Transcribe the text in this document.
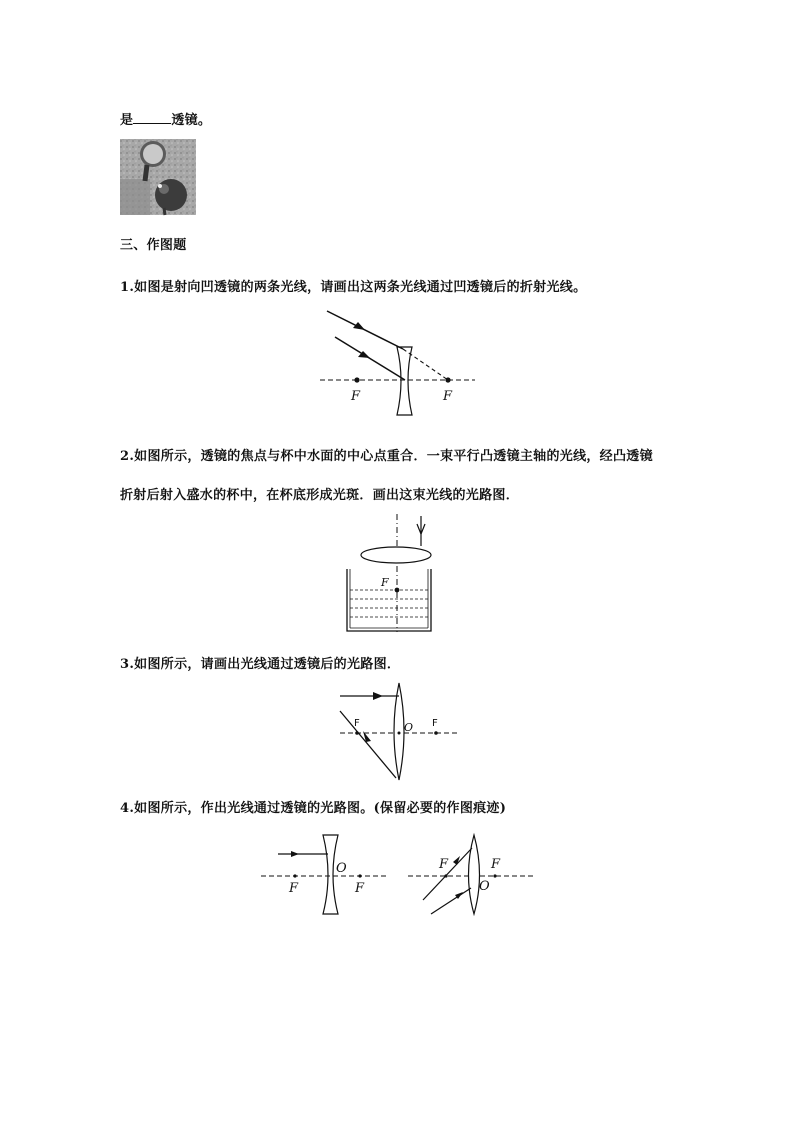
是	透镜。
三、作图题
1.如图是射向凹透镜的两条光线，请画出这两条光线通过凹透镜后的折射光线。
F	F
2.如图所示，透镜的焦点与杯中水面的中心点重合．一束平行凸透镜主轴的光线，经凸透镜
折射后射入盛水的杯中，在杯底形成光斑．画出这束光线的光路图．
F
3.如图所示，请画出光线通过透镜后的光路图．
F	F
O
4.如图所示，作出光线通过透镜的光路图。(保留必要的作图痕迹)
F	F
O	F	F
O
